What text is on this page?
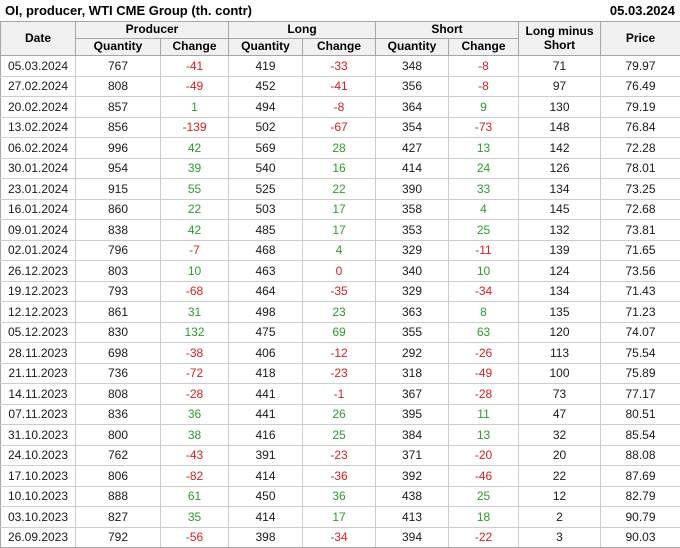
OI, producer, WTI CME Group (th. contr)	05.03.2024
Date	Producer		Long		Short		Long minus Short	Price
	Quantity	Change	Quantity	Change	Quantity	Change		
05.03.2024	767	-41	419	-33	348	-8	71	79.97
27.02.2024	808	-49	452	-41	356	-8	97	76.49
20.02.2024	857	1	494	-8	364	9	130	79.19
13.02.2024	856	-139	502	-67	354	-73	148	76.84
06.02.2024	996	42	569	28	427	13	142	72.28
30.01.2024	954	39	540	16	414	24	126	78.01
23.01.2024	915	55	525	22	390	33	134	73.25
16.01.2024	860	22	503	17	358	4	145	72.68
09.01.2024	838	42	485	17	353	25	132	73.81
02.01.2024	796	-7	468	4	329	-11	139	71.65
26.12.2023	803	10	463	0	340	10	124	73.56
19.12.2023	793	-68	464	-35	329	-34	134	71.43
12.12.2023	861	31	498	23	363	8	135	71.23
05.12.2023	830	132	475	69	355	63	120	74.07
28.11.2023	698	-38	406	-12	292	-26	113	75.54
21.11.2023	736	-72	418	-23	318	-49	100	75.89
14.11.2023	808	-28	441	-1	367	-28	73	77.17
07.11.2023	836	36	441	26	395	11	47	80.51
31.10.2023	800	38	416	25	384	13	32	85.54
24.10.2023	762	-43	391	-23	371	-20	20	88.08
17.10.2023	806	-82	414	-36	392	-46	22	87.69
10.10.2023	888	61	450	36	438	25	12	82.79
03.10.2023	827	35	414	17	413	18	2	90.79
26.09.2023	792	-56	398	-34	394	-22	3	90.03
